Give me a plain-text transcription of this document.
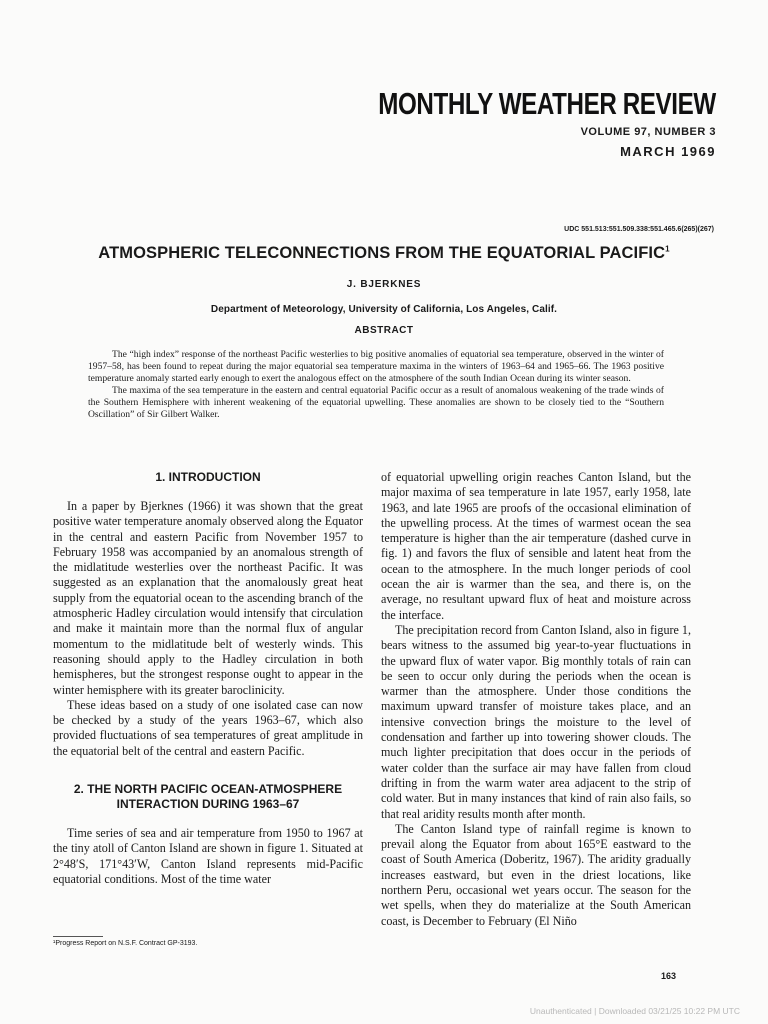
MONTHLY WEATHER REVIEW
VOLUME 97, NUMBER 3
MARCH 1969
UDC 551.513:551.509.338:551.465.6(265)(267)
ATMOSPHERIC TELECONNECTIONS FROM THE EQUATORIAL PACIFIC$^1$
J. BJERKNES
Department of Meteorology, University of California, Los Angeles, Calif.
ABSTRACT

The “high index” response of the northeast Pacific westerlies to big positive anomalies of equatorial sea temperature, observed in the winter of 1957–58, has been found to repeat during the major equatorial sea temperature maxima in the winters of 1963–64 and 1965–66. The 1963 positive temperature anomaly started early enough to exert the analogous effect on the atmosphere of the south Indian Ocean during its winter season.

The maxima of the sea temperature in the eastern and central equatorial Pacific occur as a result of anomalous weakening of the trade winds of the Southern Hemisphere with inherent weakening of the equatorial upwelling. These anomalies are shown to be closely tied to the “Southern Oscillation” of Sir Gilbert Walker.

1. INTRODUCTION

In a paper by Bjerknes (1966) it was shown that the great positive water temperature anomaly observed along the Equator in the central and eastern Pacific from November 1957 to February 1958 was accompanied by an anomalous strength of the midlatitude westerlies over the northeast Pacific. It was suggested as an explanation that the anomalously great heat supply from the equatorial ocean to the ascending branch of the atmospheric Hadley circulation would intensify that circulation and make it maintain more than the normal flux of angular momentum to the midlatitude belt of westerly winds. This reasoning should apply to the Hadley circulation in both hemispheres, but the strongest response ought to appear in the winter hemisphere with its greater baroclinicity.

These ideas based on a study of one isolated case can now be checked by a study of the years 1963–67, which also provided fluctuations of sea temperatures of great amplitude in the equatorial belt of the central and eastern Pacific.

2. THE NORTH PACIFIC OCEAN-ATMOSPHERE INTERACTION DURING 1963–67

Time series of sea and air temperature from 1950 to 1967 at the tiny atoll of Canton Island are shown in figure 1. Situated at 2°48′S, 171°43′W, Canton Island represents mid-Pacific equatorial conditions. Most of the time water

of equatorial upwelling origin reaches Canton Island, but the major maxima of sea temperature in late 1957, early 1958, late 1963, and late 1965 are proofs of the occasional elimination of the upwelling process. At the times of warmest ocean the sea temperature is higher than the air temperature (dashed curve in fig. 1) and favors the flux of sensible and latent heat from the ocean to the atmosphere. In the much longer periods of cool ocean the air is warmer than the sea, and there is, on the average, no resultant upward flux of heat and moisture across the interface.

The precipitation record from Canton Island, also in figure 1, bears witness to the assumed big year-to-year fluctuations in the upward flux of water vapor. Big monthly totals of rain can be seen to occur only during the periods when the ocean is warmer than the atmosphere. Under those conditions the maximum upward transfer of moisture takes place, and an intensive convection brings the moisture to the level of condensation and farther up into towering shower clouds. The much lighter precipitation that does occur in the periods of water colder than the surface air may have fallen from cloud drifting in from the warm water area adjacent to the strip of cold water. But in many instances that kind of rain also fails, so that real aridity results month after month.

The Canton Island type of rainfall regime is known to prevail along the Equator from about 165°E eastward to the coast of South America (Doberitz, 1967). The aridity gradually increases eastward, but even in the driest locations, like northern Peru, occasional wet years occur. The season for the wet spells, when they do materialize at the South American coast, is December to February (El Niño

¹Progress Report on N.S.F. Contract GP-3193.
163
Unauthenticated | Downloaded 03/21/25 10:22 PM UTC
